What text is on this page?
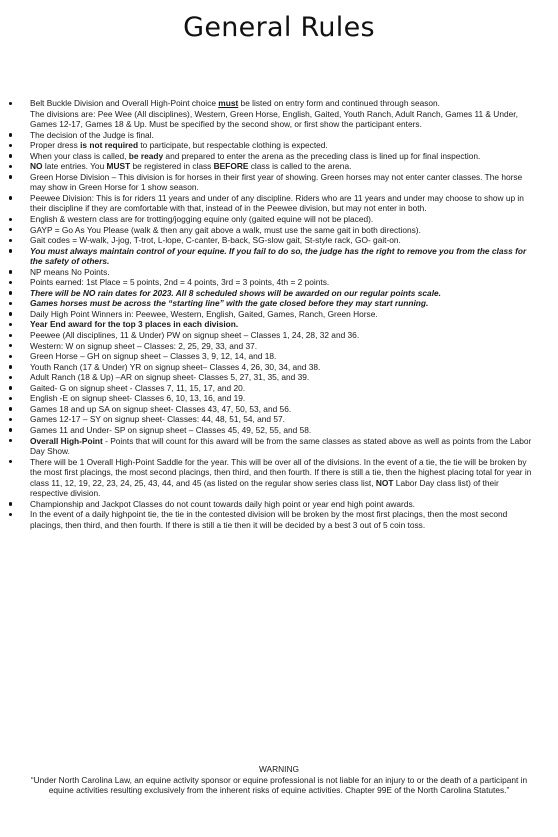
General Rules
Belt Buckle Division and Overall High-Point choice must be listed on entry form and continued through season.
The divisions are: Pee Wee (All disciplines), Western, Green Horse, English, Gaited, Youth Ranch, Adult Ranch, Games 11 & Under, Games 12-17, Games 18 & Up. Must be specified by the second show, or first show the participant enters.
The decision of the Judge is final.
Proper dress is not required to participate, but respectable clothing is expected.
When your class is called, be ready and prepared to enter the arena as the preceding class is lined up for final inspection.
NO late entries. You MUST be registered in class BEFORE class is called to the arena.
Green Horse Division – This division is for horses in their first year of showing. Green horses may not enter canter classes. The horse may show in Green Horse for 1 show season.
Peewee Division: This is for riders 11 years and under of any discipline. Riders who are 11 years and under may choose to show up in their discipline if they are comfortable with that, instead of in the Peewee division, but may not enter in both.
English & western class are for trotting/jogging equine only (gaited equine will not be placed).
GAYP = Go As You Please (walk & then any gait above a walk, must use the same gait in both directions).
Gait codes = W-walk, J-jog, T-trot, L-lope, C-canter, B-back, SG-slow gait, St-style rack, GO- gait-on.
You must always maintain control of your equine. If you fail to do so, the judge has the right to remove you from the class for the safety of others.
NP means No Points.
Points earned: 1st Place = 5 points, 2nd = 4 points, 3rd = 3 points, 4th = 2 points.
There will be NO rain dates for 2023. All 8 scheduled shows will be awarded on our regular points scale.
Games horses must be across the “starting line” with the gate closed before they may start running.
Daily High Point Winners in: Peewee, Western, English, Gaited, Games, Ranch, Green Horse.
Year End award for the top 3 places in each division.
Peewee (All disciplines, 11 & Under) PW on signup sheet – Classes 1, 24, 28, 32 and 36.
Western: W on signup sheet – Classes: 2, 25, 29, 33, and 37.
Green Horse – GH on signup sheet – Classes 3, 9, 12, 14, and 18.
Youth Ranch (17 & Under) YR on signup sheet– Classes 4, 26, 30, 34, and 38.
Adult Ranch (18 & Up) –AR on signup sheet- Classes 5, 27, 31, 35, and 39.
Gaited- G on signup sheet - Classes 7, 11, 15, 17, and 20.
English -E on signup sheet- Classes 6, 10, 13, 16, and 19.
Games 18 and up SA on signup sheet- Classes 43, 47, 50, 53, and 56.
Games 12-17 – SY on signup sheet- Classes: 44, 48, 51, 54, and 57.
Games 11 and Under- SP on signup sheet – Classes 45, 49, 52, 55, and 58.
Overall High-Point - Points that will count for this award will be from the same classes as stated above as well as points from the Labor Day Show.
There will be 1 Overall High-Point Saddle for the year. This will be over all of the divisions. In the event of a tie, the tie will be broken by the most first placings, the most second placings, then third, and then fourth. If there is still a tie, then the highest placing total for year in class 11, 12, 19, 22, 23, 24, 25, 43, 44, and 45 (as listed on the regular show series class list, NOT Labor Day class list) of their respective division.
Championship and Jackpot Classes do not count towards daily high point or year end high point awards.
In the event of a daily highpoint tie, the tie in the contested division will be broken by the most first placings, then the most second placings, then third, and then fourth. If there is still a tie then it will be decided by a best 3 out of 5 coin toss.
WARNING
“Under North Carolina Law, an equine activity sponsor or equine professional is not liable for an injury to or the death of a participant in equine activities resulting exclusively from the inherent risks of equine activities. Chapter 99E of the North Carolina Statutes.”
